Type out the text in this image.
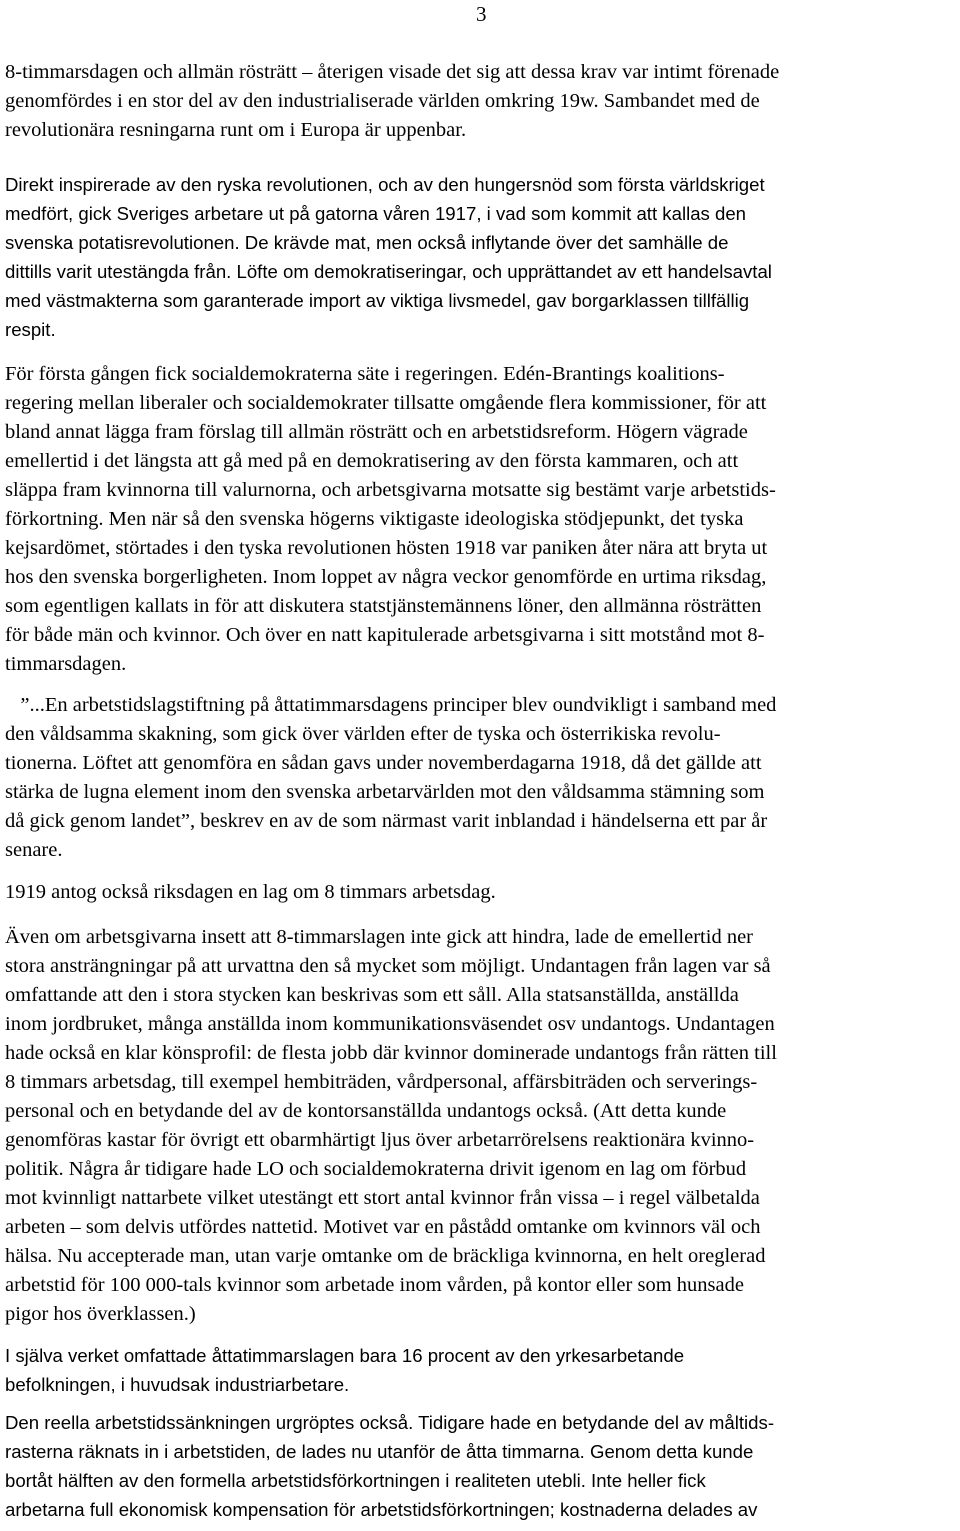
3
8-timmarsdagen och allmän rösträtt – återigen visade det sig att dessa krav var intimt förenade
genomfördes i en stor del av den industrialiserade världen omkring 19w. Sambandet med de
revolutionära resningarna runt om i Europa är uppenbar.
Direkt inspirerade av den ryska revolutionen, och av den hungersnöd som första världskriget
medfört, gick Sveriges arbetare ut på gatorna våren 1917, i vad som kommit att kallas den
svenska potatisrevolutionen. De krävde mat, men också inflytande över det samhälle de
dittills varit utestängda från. Löfte om demokratiseringar, och upprättandet av ett handelsavtal
med västmakterna som garanterade import av viktiga livsmedel, gav borgarklassen tillfällig
respit.
För första gången fick socialdemokraterna säte i regeringen. Edén-Brantings koalitions-
regering mellan liberaler och socialdemokrater tillsatte omgående flera kommissioner, för att
bland annat lägga fram förslag till allmän rösträtt och en arbetstidsreform. Högern vägrade
emellertid i det längsta att gå med på en demokratisering av den första kammaren, och att
släppa fram kvinnorna till valurnorna, och arbetsgivarna motsatte sig bestämt varje arbetstids-
förkortning. Men när så den svenska högerns viktigaste ideologiska stödjepunkt, det tyska
kejsardömet, störtades i den tyska revolutionen hösten 1918 var paniken åter nära att bryta ut
hos den svenska borgerligheten. Inom loppet av några veckor genomförde en urtima riksdag,
som egentligen kallats in för att diskutera statstjänstemännens löner, den allmänna rösträtten
för både män och kvinnor. Och över en natt kapitulerade arbetsgivarna i sitt motstånd mot 8-
timmarsdagen.
”...En arbetstidslagstiftning på åttatimmarsdagens principer blev oundvikligt i samband med
den våldsamma skakning, som gick över världen efter de tyska och österrikiska revolu-
tionerna. Löftet att genomföra en sådan gavs under novemberdagarna 1918, då det gällde att
stärka de lugna element inom den svenska arbetarvärlden mot den våldsamma stämning som
då gick genom landet”, beskrev en av de som närmast varit inblandad i händelserna ett par år
senare.
1919 antog också riksdagen en lag om 8 timmars arbetsdag.
Även om arbetsgivarna insett att 8-timmarslagen inte gick att hindra, lade de emellertid ner
stora ansträngningar på att urvattna den så mycket som möjligt. Undantagen från lagen var så
omfattande att den i stora stycken kan beskrivas som ett såll. Alla statsanställda, anställda
inom jordbruket, många anställda inom kommunikationsväsendet osv undantogs. Undantagen
hade också en klar könsprofil: de flesta jobb där kvinnor dominerade undantogs från rätten till
8 timmars arbetsdag, till exempel hembiträden, vårdpersonal, affärsbiträden och serverings-
personal och en betydande del av de kontorsanställda undantogs också. (Att detta kunde
genomföras kastar för övrigt ett obarmhärtigt ljus över arbetarrörelsens reaktionära kvinno-
politik. Några år tidigare hade LO och socialdemokraterna drivit igenom en lag om förbud
mot kvinnligt nattarbete vilket utestängt ett stort antal kvinnor från vissa – i regel välbetalda
arbeten – som delvis utfördes nattetid. Motivet var en påstådd omtanke om kvinnors väl och
hälsa. Nu accepterade man, utan varje omtanke om de bräckliga kvinnorna, en helt oreglerad
arbetstid för 100 000-tals kvinnor som arbetade inom vården, på kontor eller som hunsade
pigor hos överklassen.)
I själva verket omfattade åttatimmarslagen bara 16 procent av den yrkesarbetande
befolkningen, i huvudsak industriarbetare.
Den reella arbetstidssänkningen urgröptes också. Tidigare hade en betydande del av måltids-
rasterna räknats in i arbetstiden, de lades nu utanför de åtta timmarna. Genom detta kunde
bortåt hälften av den formella arbetstidsförkortningen i realiteten utebli. Inte heller fick
arbetarna full ekonomisk kompensation för arbetstidsförkortningen; kostnaderna delades av
